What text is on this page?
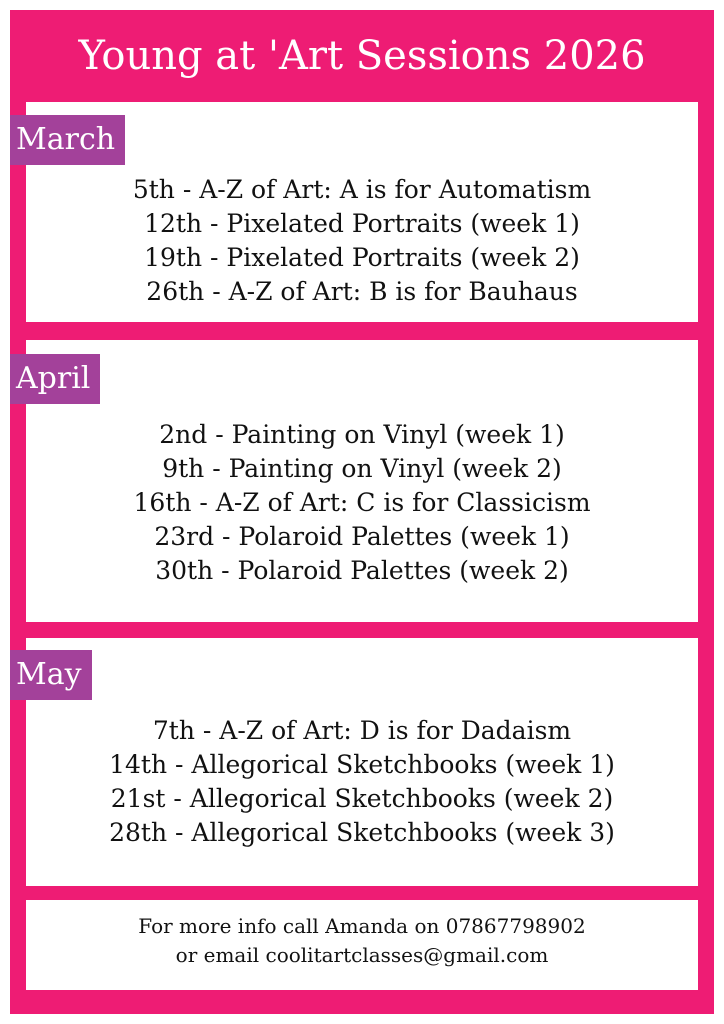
Young at 'Art Sessions 2026
March
5th - A-Z of Art: A is for Automatism
12th - Pixelated Portraits (week 1)
19th - Pixelated Portraits (week 2)
26th - A-Z of Art: B is for Bauhaus
April
2nd - Painting on Vinyl (week 1)
9th - Painting on Vinyl (week 2)
16th - A-Z of Art: C is for Classicism
23rd - Polaroid Palettes (week 1)
30th - Polaroid Palettes (week 2)
May
7th - A-Z of Art: D is for Dadaism
14th - Allegorical Sketchbooks (week 1)
21st - Allegorical Sketchbooks (week 2)
28th - Allegorical Sketchbooks (week 3)
For more info call Amanda on 07867798902
or email coolitartclasses@gmail.com
